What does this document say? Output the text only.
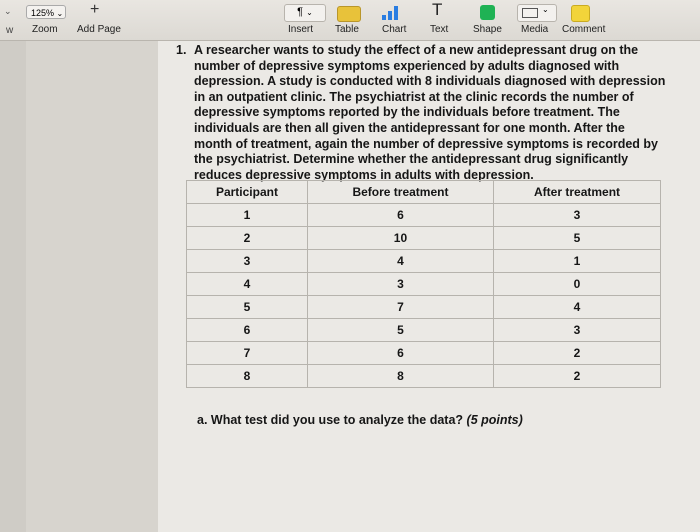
⌄
w
125% ⌄
Zoom
+
Add Page
¶ ⌄
Insert Table Chart
T
Text Shape
⌄
Media Comment
1. A researcher wants to study the effect of a new antidepressant drug on the number of depressive symptoms experienced by adults diagnosed with depression. A study is conducted with 8 individuals diagnosed with depression in an outpatient clinic. The psychiatrist at the clinic records the number of depressive symptoms reported by the individuals before treatment. The individuals are then all given the antidepressant for one month. After the month of treatment, again the number of depressive symptoms is recorded by the psychiatrist. Determine whether the antidepressant drug significantly reduces depressive symptoms in adults with depression.
Participant	Before treatment	After treatment
1	6	3
2	10	5
3	4	1
4	3	0
5	7	4
6	5	3
7	6	2
8	8	2
a. What test did you use to analyze the data? (5 points)
